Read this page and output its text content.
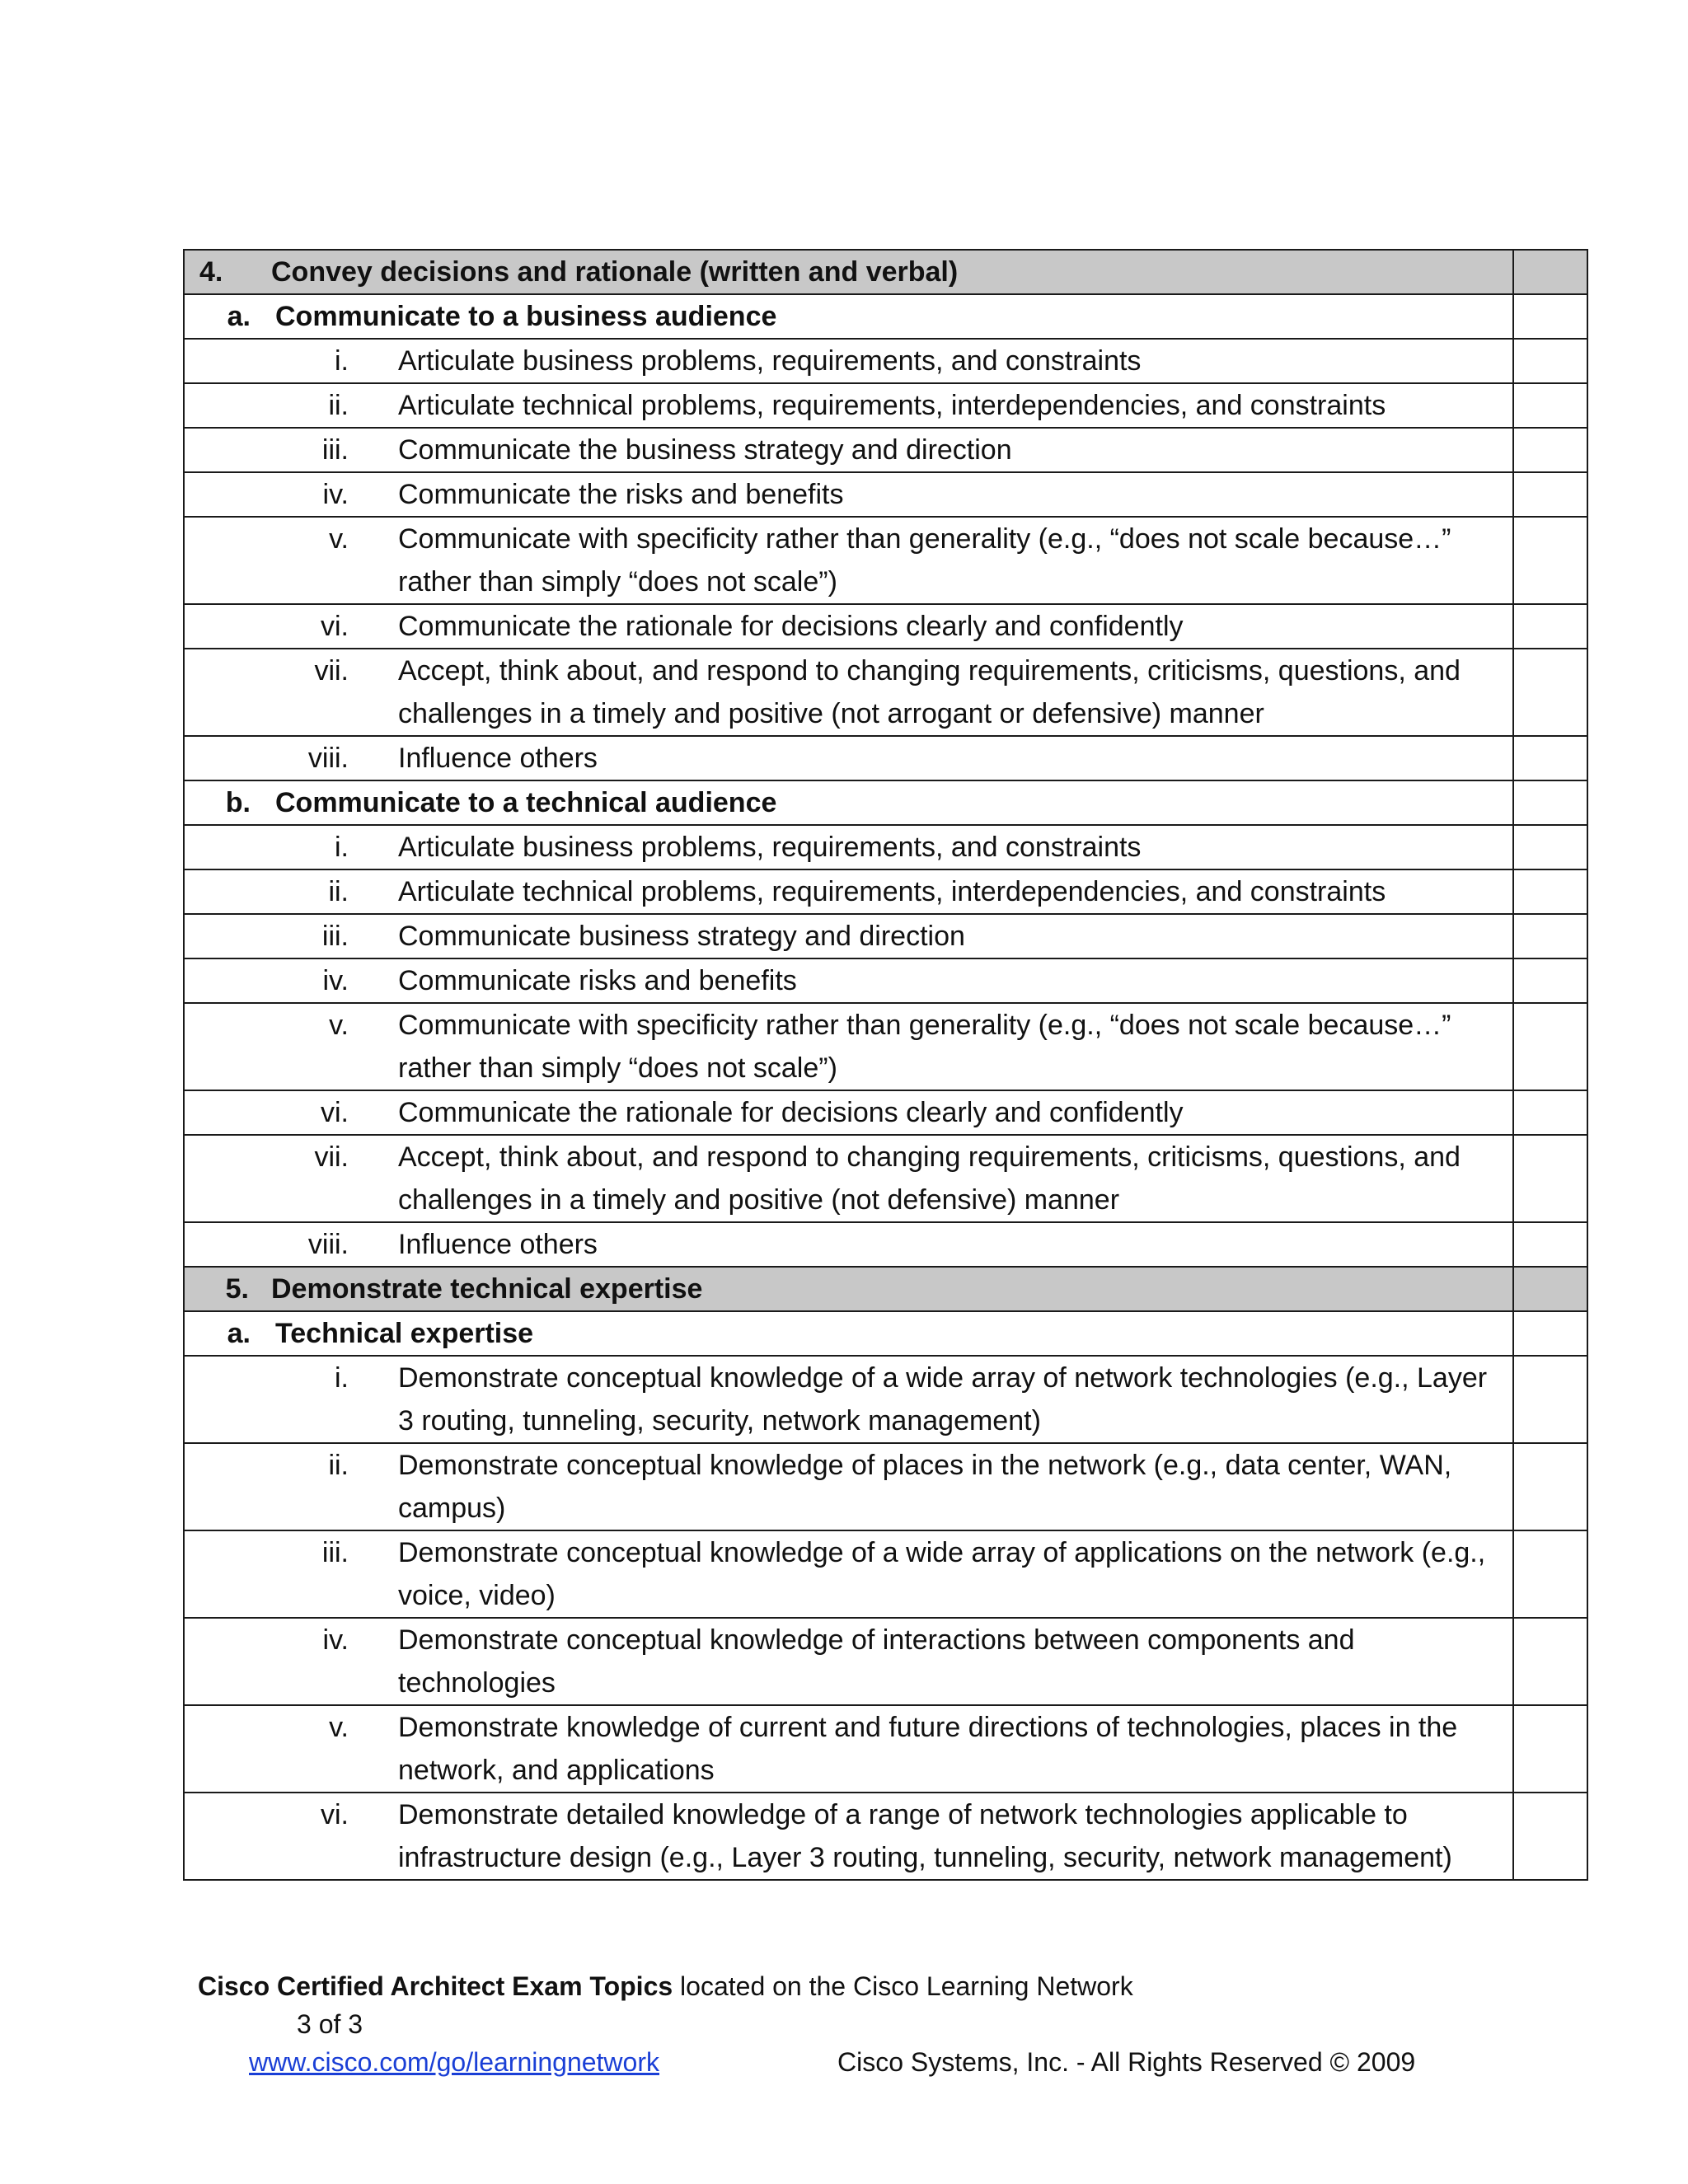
4. Convey decisions and rationale (written and verbal)	

a. Communicate to a business audience	

i. Articulate business problems, requirements, and constraints	

ii. Articulate technical problems, requirements, interdependencies, and constraints	

iii. Communicate the business strategy and direction	

iv. Communicate the risks and benefits	

v. Communicate with specificity rather than generality (e.g., “does not scale because…” rather than simply “does not scale”)	

vi. Communicate the rationale for decisions clearly and confidently	

vii. Accept, think about, and respond to changing requirements, criticisms, questions, and challenges in a timely and positive (not arrogant or defensive) manner	

viii. Influence others	

b. Communicate to a technical audience	

i. Articulate business problems, requirements, and constraints	

ii. Articulate technical problems, requirements, interdependencies, and constraints	

iii. Communicate business strategy and direction	

iv. Communicate risks and benefits	

v. Communicate with specificity rather than generality (e.g., “does not scale because…” rather than simply “does not scale”)	

vi. Communicate the rationale for decisions clearly and confidently	

vii. Accept, think about, and respond to changing requirements, criticisms, questions, and challenges in a timely and positive (not defensive) manner	

viii. Influence others	

5. Demonstrate technical expertise	

a. Technical expertise	

i. Demonstrate conceptual knowledge of a wide array of network technologies (e.g., Layer 3 routing, tunneling, security, network management)	

ii. Demonstrate conceptual knowledge of places in the network (e.g., data center, WAN, campus)	

iii. Demonstrate conceptual knowledge of a wide array of applications on the network (e.g., voice, video)	

iv. Demonstrate conceptual knowledge of interactions between components and technologies	

v. Demonstrate knowledge of current and future directions of technologies, places in the network, and applications	

vi. Demonstrate detailed knowledge of a range of network technologies applicable to infrastructure design (e.g., Layer 3 routing, tunneling, security, network management)	

Cisco Certified Architect Exam Topics located on the Cisco Learning Network
3 of 3
www.cisco.com/go/learningnetwork	Cisco Systems, Inc. - All Rights Reserved © 2009
